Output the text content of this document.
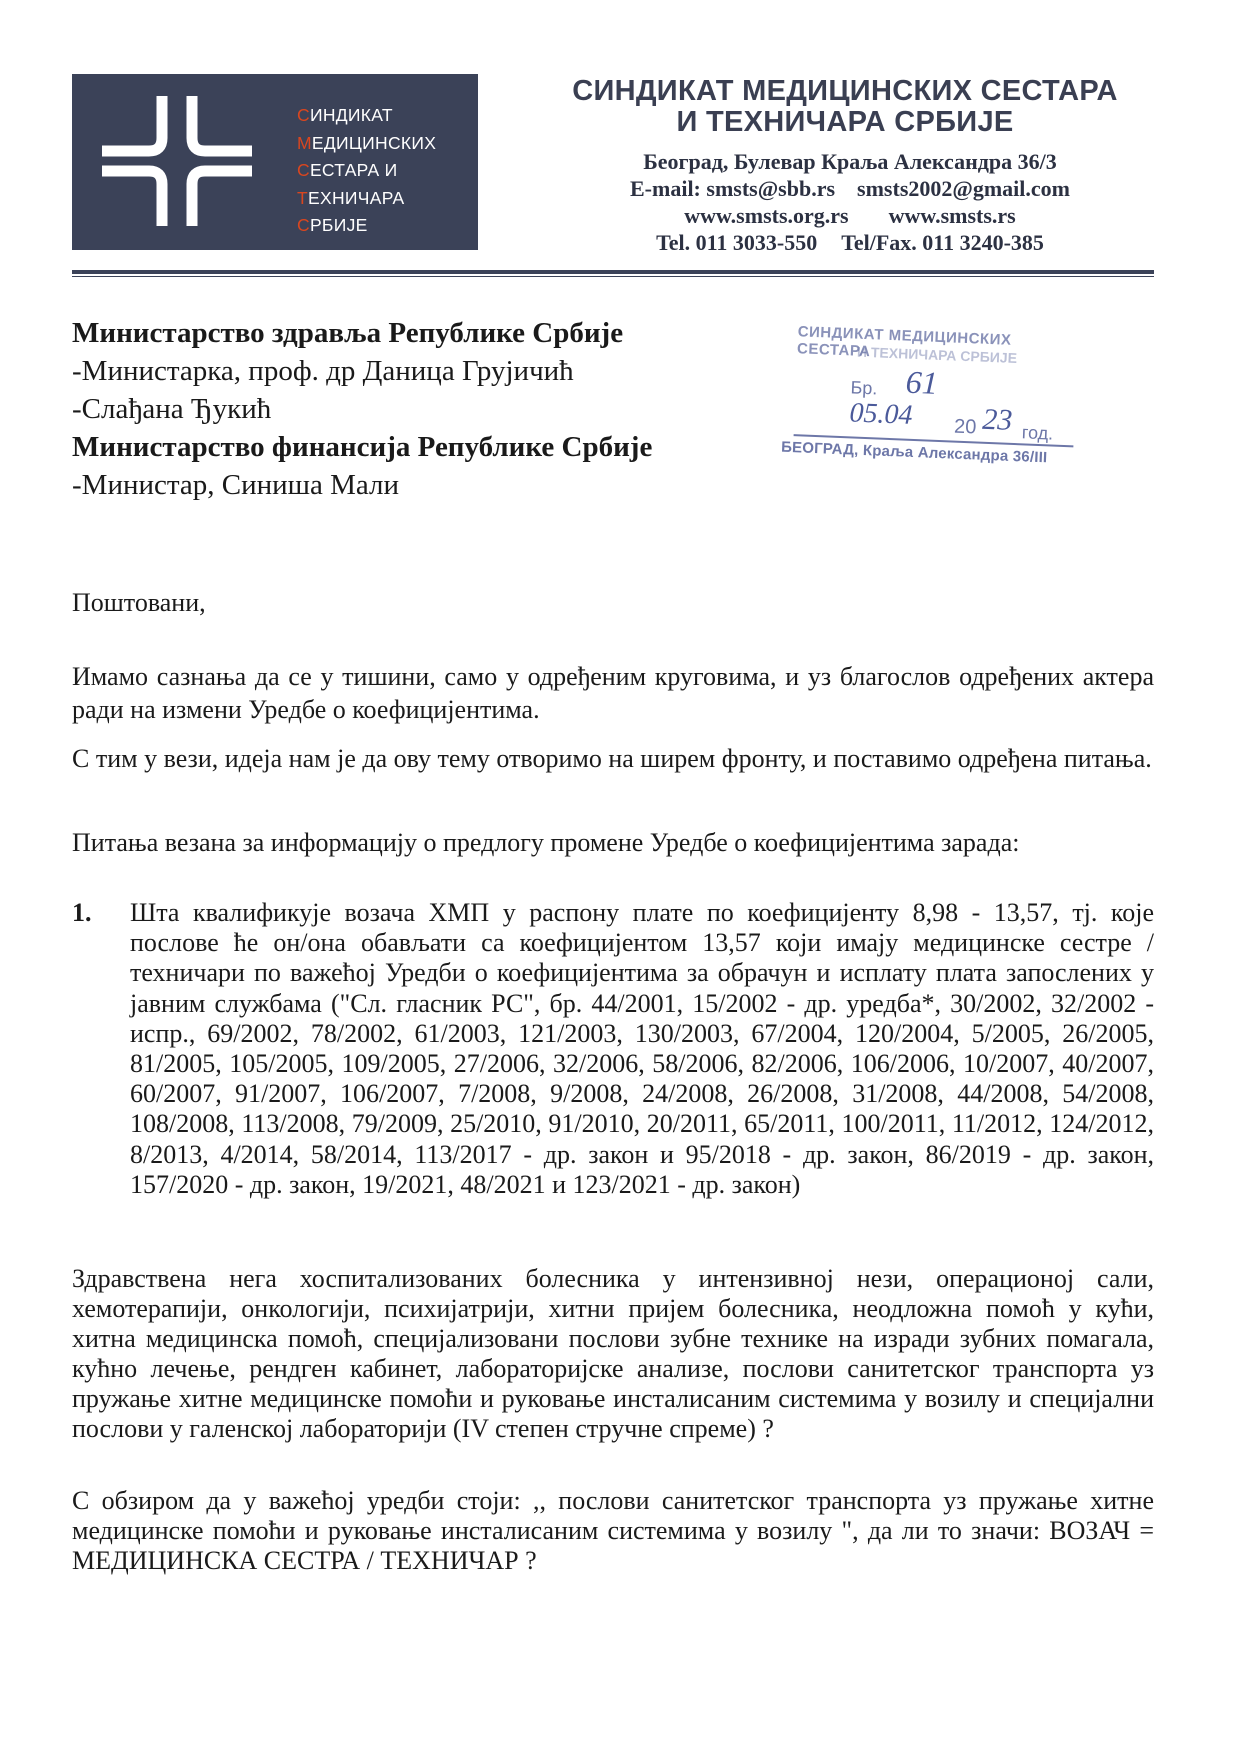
СИНДИКАТ
МЕДИЦИНСКИХ
СЕСТАРА И
ТЕХНИЧАРА
СРБИЈЕ
СИНДИКАТ МЕДИЦИНСКИХ СЕСТАРА
И ТЕХНИЧАРА СРБИЈЕ
Београд, Булевар Краља Александра 36/3
E-mail: smsts@sbb.rs smsts2002@gmail.com
www.smsts.org.rs www.smsts.rs
Tel. 011 3033-550 Tel/Fax. 011 3240-385
Министарство здравља Републике Србије
-Министарка, проф. др Даница Грујичић
-Слађана Ђукић
Министарство финансија Републике Србије
-Министар, Синиша Мали
СИНДИКАТ МЕДИЦИНСКИХ СЕСТАРА
И ТЕХНИЧАРА СРБИЈЕ
Бр. 61
05.04 20 23 год.
БЕОГРАД, Краља Александра 36/III
Поштовани,

Имамо сазнања да се у тишини, само у одређеним круговима, и уз благослов одређених актера ради на измени Уредбе о коефицијентима.

С тим у вези, идеја нам је да ову тему отворимо на ширем фронту, и поставимо одређена питања.

Питања везана за информацију о предлогу промене Уредбе о коефицијентима зарада:

1. Шта квалификује возача ХМП у распону плате по коефицијенту 8,98 - 13,57, тј. које послове ће он/она обављати са коефицијентом 13,57 који имају медицинске сестре /техничари по важећој Уредби о коефицијентима за обрачун и исплату плата запослених у јавним службама ("Сл. гласник РС", бр. 44/2001, 15/2002 - др. уредба*, 30/2002, 32/2002 - испр., 69/2002, 78/2002, 61/2003, 121/2003, 130/2003, 67/2004, 120/2004, 5/2005, 26/2005, 81/2005, 105/2005, 109/2005, 27/2006, 32/2006, 58/2006, 82/2006, 106/2006, 10/2007, 40/2007, 60/2007, 91/2007, 106/2007, 7/2008, 9/2008, 24/2008, 26/2008, 31/2008, 44/2008, 54/2008, 108/2008, 113/2008, 79/2009, 25/2010, 91/2010, 20/2011, 65/2011, 100/2011, 11/2012, 124/2012, 8/2013, 4/2014, 58/2014, 113/2017 - др. закон и 95/2018 - др. закон, 86/2019 - др. закон, 157/2020 - др. закон, 19/2021, 48/2021 и 123/2021 - др. закон)

Здравствена нега хоспитализованих болесника у интензивној нези, операционој сали, хемотерапији, онкологији, психијатрији, хитни пријем болесника, неодложна помоћ у кући, хитна медицинска помоћ, специјализовани послови зубне технике на изради зубних помагала, кућно лечење, рендген кабинет, лабораторијске анализе, послови санитетског транспорта уз пружање хитне медицинске помоћи и руковање инсталисаним системима у возилу и специјални послови у галенској лабораторији (IV степен стручне спреме) ?

С обзиром да у важећој уредби стоји: ,, послови санитетског транспорта уз пружање хитне медицинске помоћи и руковање инсталисаним системима у возилу ", да ли то значи: ВОЗАЧ = МЕДИЦИНСКА СЕСТРА / ТЕХНИЧАР ?
